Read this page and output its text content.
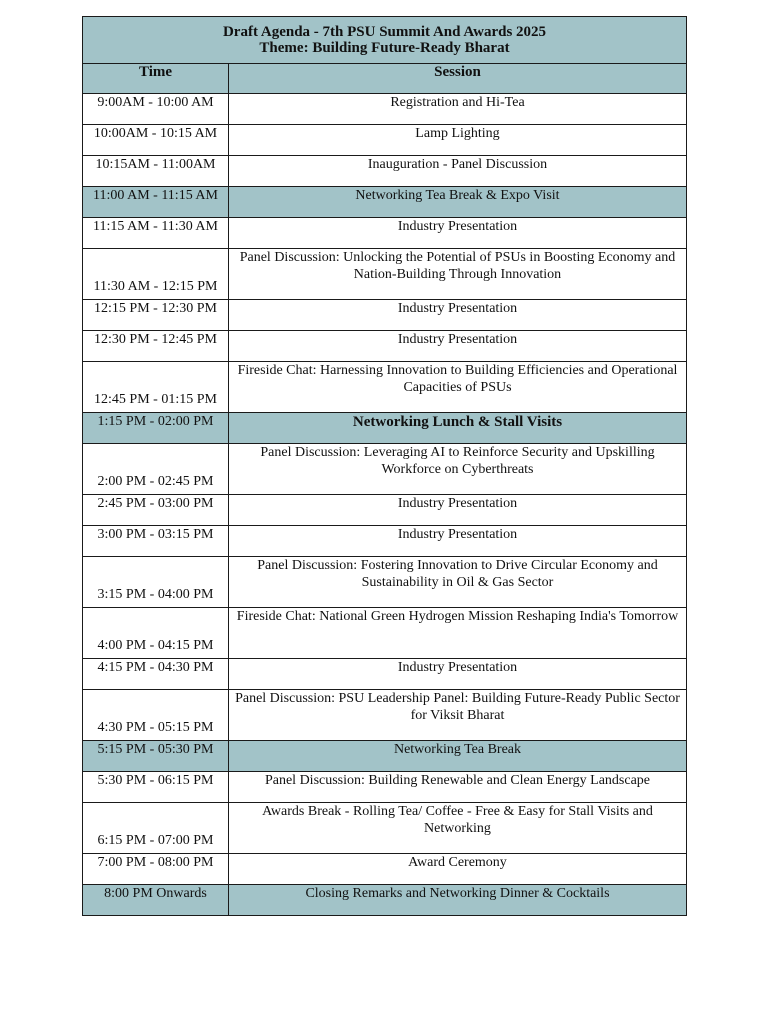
Draft Agenda - 7th PSU Summit And Awards 2025
Theme: Building Future-Ready Bharat	

Time	Session
9:00AM - 10:00 AM	Registration and Hi-Tea
10:00AM - 10:15 AM	Lamp Lighting
10:15AM - 11:00AM	Inauguration - Panel Discussion
11:00 AM - 11:15 AM	Networking Tea Break & Expo Visit
11:15 AM - 11:30 AM	Industry Presentation
11:30 AM - 12:15 PM	Panel Discussion: Unlocking the Potential of PSUs in Boosting Economy and Nation-Building Through Innovation
12:15 PM - 12:30 PM	Industry Presentation
12:30 PM - 12:45 PM	Industry Presentation
12:45 PM - 01:15 PM	Fireside Chat: Harnessing Innovation to Building Efficiencies and Operational Capacities of PSUs
1:15 PM - 02:00 PM	Networking Lunch & Stall Visits
2:00 PM - 02:45 PM	Panel Discussion: Leveraging AI to Reinforce Security and Upskilling Workforce on Cyberthreats
2:45 PM - 03:00 PM	Industry Presentation
3:00 PM - 03:15 PM	Industry Presentation
3:15 PM - 04:00 PM	Panel Discussion: Fostering Innovation to Drive Circular Economy and Sustainability in Oil & Gas Sector
4:00 PM - 04:15 PM	Fireside Chat: National Green Hydrogen Mission Reshaping India's Tomorrow
4:15 PM - 04:30 PM	Industry Presentation
4:30 PM - 05:15 PM	Panel Discussion: PSU Leadership Panel: Building Future-Ready Public Sector for Viksit Bharat
5:15 PM - 05:30 PM	Networking Tea Break
5:30 PM - 06:15 PM	Panel Discussion: Building Renewable and Clean Energy Landscape
6:15 PM - 07:00 PM	Awards Break - Rolling Tea/ Coffee - Free & Easy for Stall Visits and Networking
7:00 PM - 08:00 PM	Award Ceremony
8:00 PM Onwards	Closing Remarks and Networking Dinner & Cocktails
